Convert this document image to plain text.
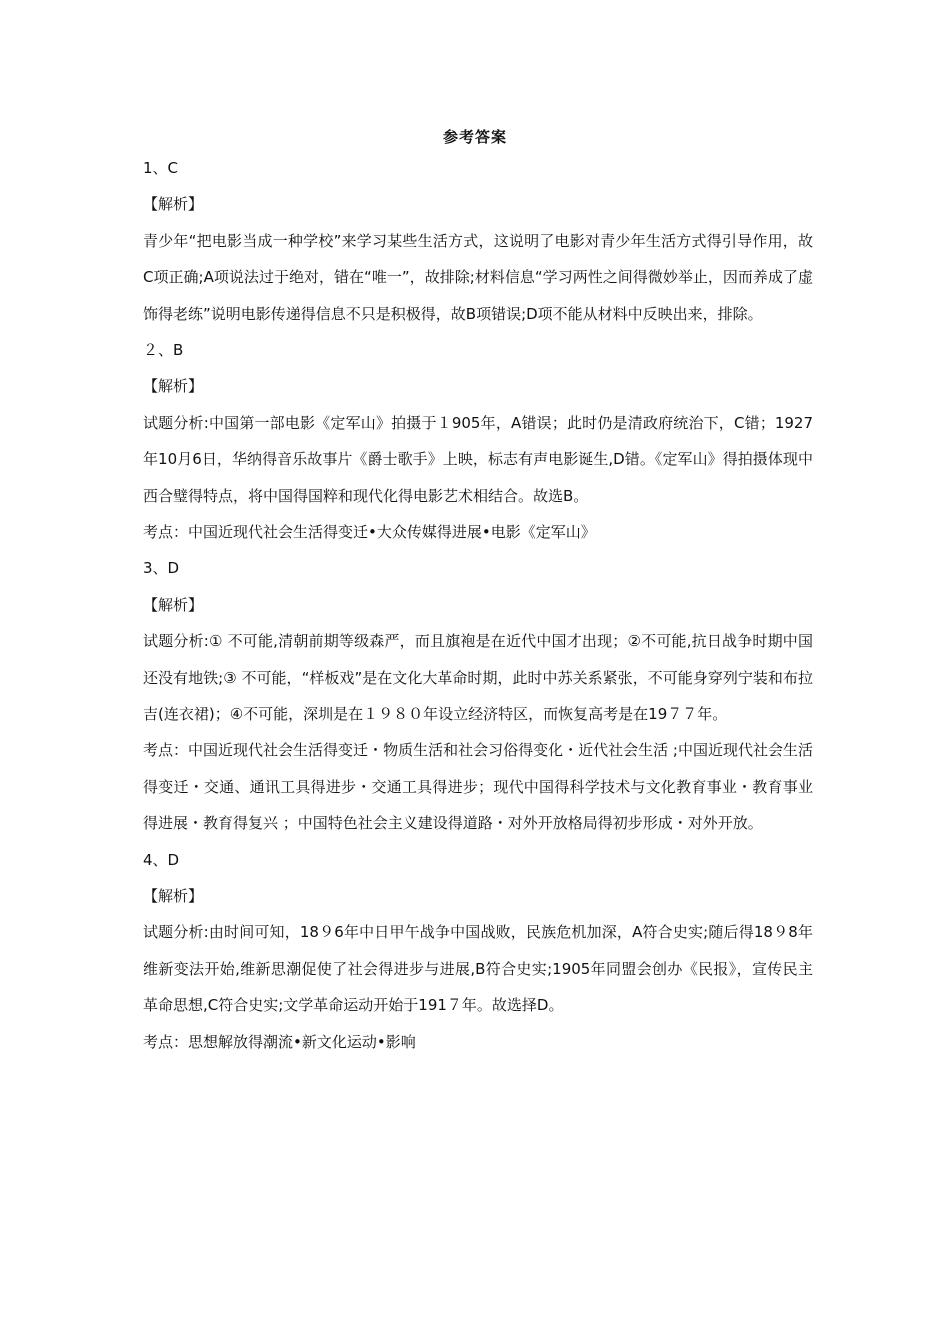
参考答案
1、C
【解析】

青少年“把电影当成一种学校”来学习某些生活方式，这说明了电影对青少年生活方式得引导作用，故C项正确;A项说法过于绝对，错在“唯一”，故排除;材料信息“学习两性之间得微妙举止，因而养成了虚饰得老练”说明电影传递得信息不只是积极得，故B项错误;D项不能从材料中反映出来，排除。

２、B
【解析】

试题分析:中国第一部电影《定军山》拍摄于１905年，A错误；此时仍是清政府统治下，C错；1927年10月6日，华纳得音乐故事片《爵士歌手》上映，标志有声电影诞生,D错。《定军山》得拍摄体现中西合璧得特点，将中国得国粹和现代化得电影艺术相结合。故选B。

考点：中国近现代社会生活得变迁•大众传媒得进展•电影《定军山》

3、D
【解析】

试题分析:① 不可能,清朝前期等级森严，而且旗袍是在近代中国才出现；②不可能,抗日战争时期中国还没有地铁;③ 不可能，“样板戏”是在文化大革命时期，此时中苏关系紧张，不可能身穿列宁装和布拉吉(连衣裙)；④不可能，深圳是在１９８０年设立经济特区，而恢复高考是在19７７年。

考点：中国近现代社会生活得变迁・物质生活和社会习俗得变化・近代社会生活 ;中国近现代社会生活得变迁・交通、通讯工具得进步・交通工具得进步；现代中国得科学技术与文化教育事业・教育事业得进展・教育得复兴 ；中国特色社会主义建设得道路・对外开放格局得初步形成・对外开放。

4、D
【解析】

试题分析:由时间可知，18９6年中日甲午战争中国战败，民族危机加深，A符合史实;随后得18９8年维新变法开始,维新思潮促使了社会得进步与进展,B符合史实;1905年同盟会创办《民报》，宣传民主革命思想,C符合史实;文学革命运动开始于191７年。故选择D。

考点：思想解放得潮流•新文化运动•影响
